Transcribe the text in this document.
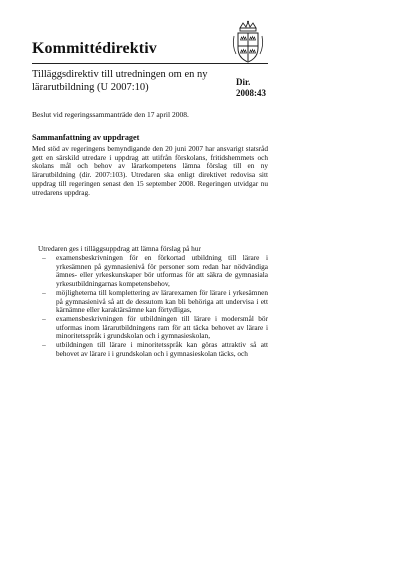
Kommittédirektiv
Tilläggsdirektiv till utredningen om en ny lärarutbildning (U 2007:10)	Dir.
2008:43
Beslut vid regeringssammanträde den 17 april 2008.
Sammanfattning av uppdraget

Med stöd av regeringens bemyndigande den 20 juni 2007 har ansvarigt statsråd gett en särskild utredare i uppdrag att utifrån förskolans, fritidshemmets och skolans mål och behov av lärarkompetens lämna förslag till en ny lärarutbildning (dir. 2007:103). Utredaren ska enligt direktivet redovisa sitt uppdrag till regeringen senast den 15 september 2008. Regeringen utvidgar nu utredarens uppdrag.

Utredaren ges i tilläggsuppdrag att lämna förslag på hur

–	examensbeskrivningen för en förkortad utbildning till lärare i yrkesämnen på gymnasienivå för personer som redan har nödvändiga ämnes- eller yrkeskunskaper bör utformas för att säkra de gymnasiala yrkesutbildningarnas kompetensbehov,
–	möjligheterna till komplettering av lärarexamen för lärare i yrkesämnen på gymnasienivå så att de dessutom kan bli behöriga att undervisa i ett kärnämne eller karaktärsämne kan förtydligas,
–	examensbeskrivningen för utbildningen till lärare i modersmål bör utformas inom lärarutbildningens ram för att täcka behovet av lärare i minoritetsspråk i grundskolan och i gymnasieskolan,
–	utbildningen till lärare i minoritetsspråk kan göras attraktiv så att behovet av lärare i i grundskolan och i gymnasieskolan täcks, och
